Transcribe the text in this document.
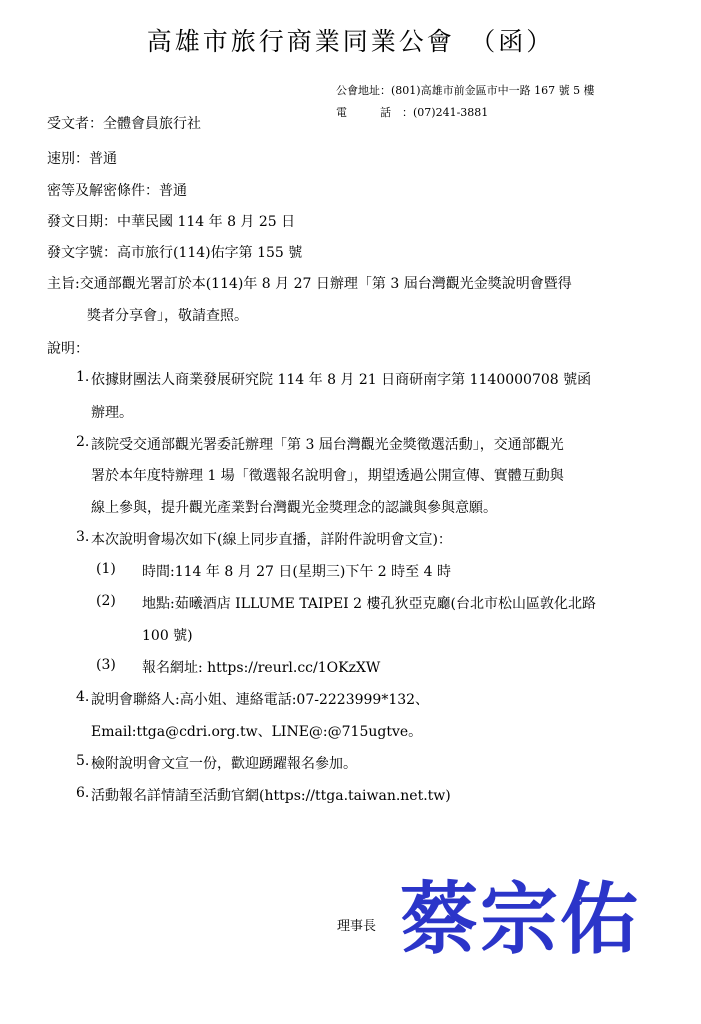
高雄市旅行商業同業公會　（函）
公會地址：(801)高雄市前金區市中一路 167 號 5 樓
電　話：(07)241-3881
受文者：全體會員旅行社
速別：普通
密等及解密條件：普通
發文日期：中華民國 114 年 8 月 25 日
發文字號：高市旅行(114)佑字第 155 號
主旨:交通部觀光署訂於本(114)年 8 月 27 日辦理「第 3 屆台灣觀光金獎說明會暨得
獎者分享會」，敬請查照。
說明：
1. 依據財團法人商業發展研究院 114 年 8 月 21 日商研南字第 1140000708 號函
辦理。
2. 該院受交通部觀光署委託辦理「第 3 屆台灣觀光金獎徵選活動」，交通部觀光
署於本年度特辦理 1 場「徵選報名說明會」，期望透過公開宣傳、實體互動與
線上參與，提升觀光產業對台灣觀光金獎理念的認識與參與意願。
3. 本次說明會場次如下(線上同步直播，詳附件說明會文宣)：
(1) 時間:114 年 8 月 27 日(星期三)下午 2 時至 4 時
(2) 地點:茹曦酒店 ILLUME TAIPEI 2 樓孔狄亞克廳(台北市松山區敦化北路
100 號)
(3) 報名網址: https://reurl.cc/1OKzXW
4. 說明會聯絡人:高小姐、連絡電話:07-2223999*132、
Email:ttga@cdri.org.tw、LINE@:@715ugtve。
5. 檢附說明會文宣一份，歡迎踴躍報名參加。
6. 活動報名詳情請至活動官網(https://ttga.taiwan.net.tw)
理事長 蔡宗佑
